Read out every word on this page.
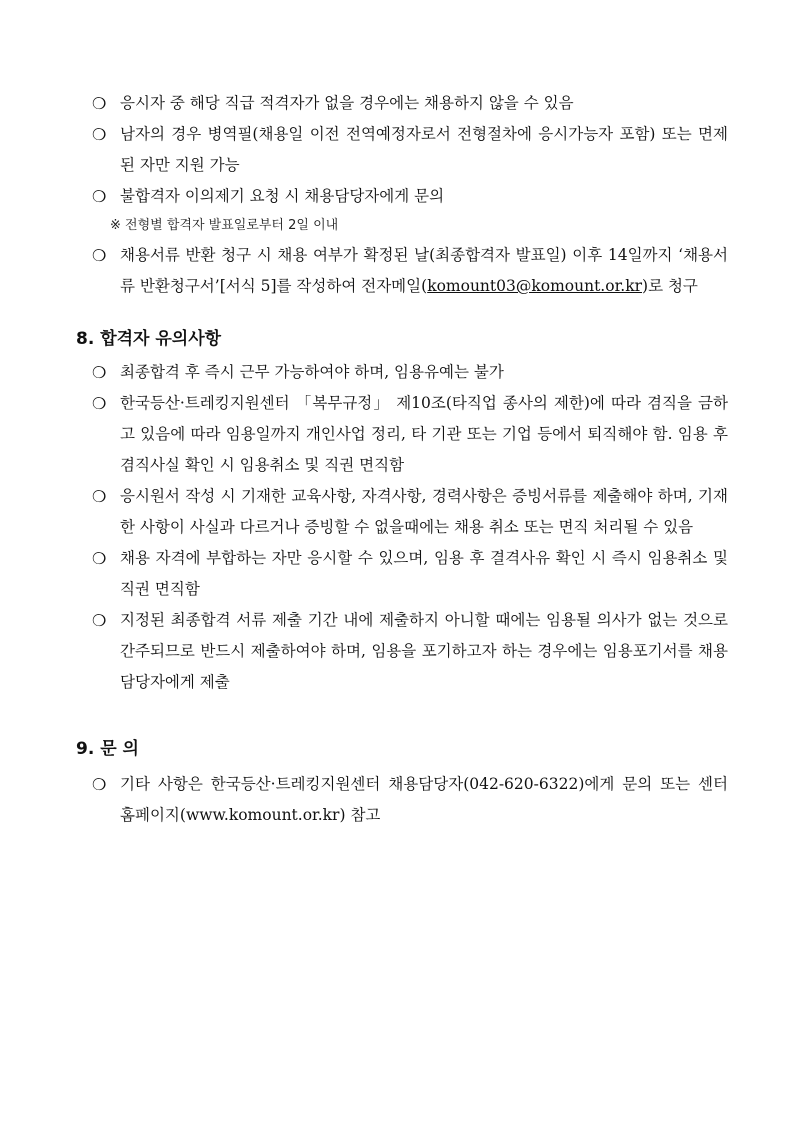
❍ 응시자 중 해당 직급 적격자가 없을 경우에는 채용하지 않을 수 있음
❍ 남자의 경우 병역필(채용일 이전 전역예정자로서 전형절차에 응시가능자 포함) 또는 면제된 자만 지원 가능
❍ 불합격자 이의제기 요청 시 채용담당자에게 문의
※ 전형별 합격자 발표일로부터 2일 이내
❍ 채용서류 반환 청구 시 채용 여부가 확정된 날(최종합격자 발표일) 이후 14일까지 ‘채용서류 반환청구서’[서식 5]를 작성하여 전자메일(komount03@komount.or.kr)로 청구
8. 합격자 유의사항
❍ 최종합격 후 즉시 근무 가능하여야 하며, 임용유예는 불가
❍ 한국등산·트레킹지원센터 「복무규정」 제10조(타직업 종사의 제한)에 따라 겸직을 금하고 있음에 따라 임용일까지 개인사업 정리, 타 기관 또는 기업 등에서 퇴직해야 함. 임용 후 겸직사실 확인 시 임용취소 및 직권 면직함
❍ 응시원서 작성 시 기재한 교육사항, 자격사항, 경력사항은 증빙서류를 제출해야 하며, 기재한 사항이 사실과 다르거나 증빙할 수 없을때에는 채용 취소 또는 면직 처리될 수 있음
❍ 채용 자격에 부합하는 자만 응시할 수 있으며, 임용 후 결격사유 확인 시 즉시 임용취소 및 직권 면직함
❍ 지정된 최종합격 서류 제출 기간 내에 제출하지 아니할 때에는 임용될 의사가 없는 것으로 간주되므로 반드시 제출하여야 하며, 임용을 포기하고자 하는 경우에는 임용포기서를 채용담당자에게 제출
9. 문 의
❍ 기타 사항은 한국등산·트레킹지원센터 채용담당자(042-620-6322)에게 문의 또는 센터 홈페이지(www.komount.or.kr) 참고
